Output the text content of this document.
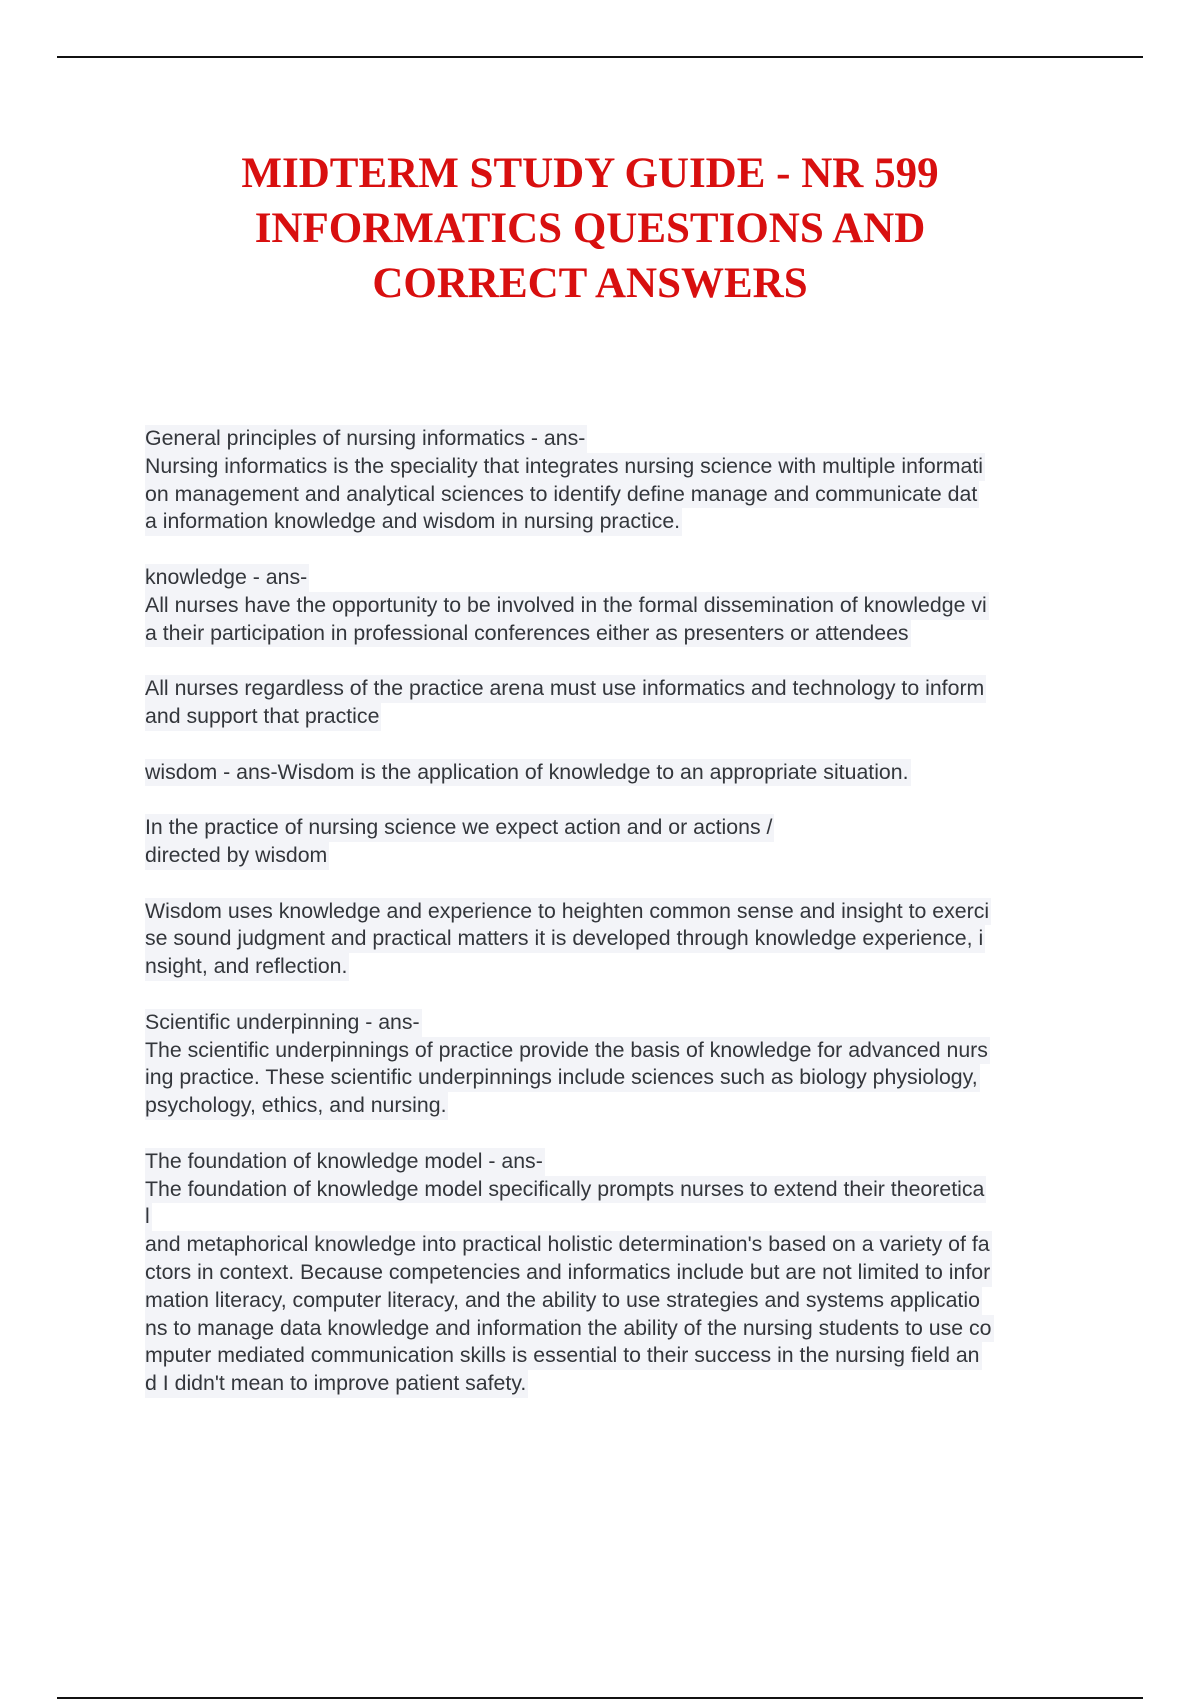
MIDTERM STUDY GUIDE - NR 599
INFORMATICS QUESTIONS AND
CORRECT ANSWERS

General principles of nursing informatics - ans-
Nursing informatics is the speciality that integrates nursing science with multiple informati
on management and analytical sciences to identify define manage and communicate dat
a information knowledge and wisdom in nursing practice.

knowledge - ans-
All nurses have the opportunity to be involved in the formal dissemination of knowledge vi
a their participation in professional conferences either as presenters or attendees

All nurses regardless of the practice arena must use informatics and technology to inform
and support that practice

wisdom - ans-Wisdom is the application of knowledge to an appropriate situation.

In the practice of nursing science we expect action and or actions /
directed by wisdom

Wisdom uses knowledge and experience to heighten common sense and insight to exerci
se sound judgment and practical matters it is developed through knowledge experience, i
nsight, and reflection.

Scientific underpinning - ans-
The scientific underpinnings of practice provide the basis of knowledge for advanced nurs
ing practice. These scientific underpinnings include sciences such as biology physiology,
psychology, ethics, and nursing.

The foundation of knowledge model - ans-
The foundation of knowledge model specifically prompts nurses to extend their theoretica
l
and metaphorical knowledge into practical holistic determination's based on a variety of fa
ctors in context. Because competencies and informatics include but are not limited to infor
mation literacy, computer literacy, and the ability to use strategies and systems applicatio
ns to manage data knowledge and information the ability of the nursing students to use co
mputer mediated communication skills is essential to their success in the nursing field an
d I didn't mean to improve patient safety.
